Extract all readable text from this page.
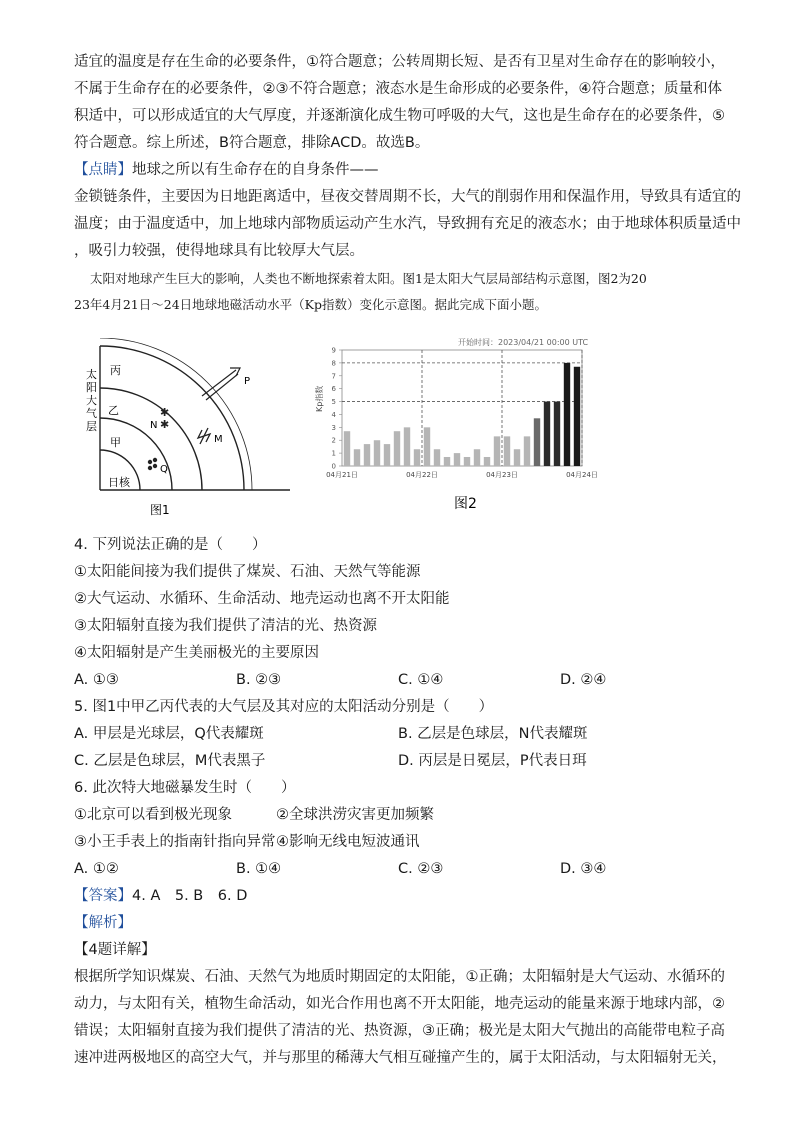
适宜的温度是存在生命的必要条件，①符合题意；公转周期长短、是否有卫星对生命存在的影响较小，
不属于生命存在的必要条件，②③不符合题意；液态水是生命形成的必要条件，④符合题意；质量和体
积适中，可以形成适宜的大气厚度，并逐渐演化成生物可呼吸的大气，这也是生命存在的必要条件，⑤
符合题意。综上所述，B符合题意，排除ACD。故选B。
【点睛】地球之所以有生命存在的自身条件——
金锁链条件，主要因为日地距离适中，昼夜交替周期不长，大气的削弱作用和保温作用，导致具有适宜的
温度；由于温度适中，加上地球内部物质运动产生水汽，导致拥有充足的液态水；由于地球体积质量适中
，吸引力较强，使得地球具有比较厚大气层。
太阳对地球产生巨大的影响，人类也不断地探索着太阳。图1是太阳大气层局部结构示意图，图2为20
23年4月21日～24日地球地磁活动水平（Kp指数）变化示意图。据此完成下面小题。
太
阳
大
气
层
丙
乙
甲
日核
P
✱
✱
N
M
Q
图1
开始时间：2023/04/21 00:00 UTC
Kp指数
0
1
2
3
4
5
6
7
8
9
04月21日	04月22日	04月23日	04月24日
图2
4. 下列说法正确的是（　　）
①太阳能间接为我们提供了煤炭、石油、天然气等能源
②大气运动、水循环、生命活动、地壳运动也离不开太阳能
③太阳辐射直接为我们提供了清洁的光、热资源
④太阳辐射是产生美丽极光的主要原因
A. ①③	B. ②③	C. ①④	D. ②④
5. 图1中甲乙丙代表的大气层及其对应的太阳活动分别是（　　）
A. 甲层是光球层，Q代表耀斑	B. 乙层是色球层，N代表耀斑
C. 乙层是色球层，M代表黑子	D. 丙层是日冕层，P代表日珥
6. 此次特大地磁暴发生时（　　）
①北京可以看到极光现象	②全球洪涝灾害更加频繁
③小王手表上的指南针指向异常 ④影响无线电短波通讯
A. ①②	B. ①④	C. ②③	D. ③④
【答案】4. A　5. B　6. D
【解析】
【4题详解】
根据所学知识煤炭、石油、天然气为地质时期固定的太阳能，①正确；太阳辐射是大气运动、水循环的
动力，与太阳有关，植物生命活动，如光合作用也离不开太阳能，地壳运动的能量来源于地球内部，②
错误；太阳辐射直接为我们提供了清洁的光、热资源，③正确；极光是太阳大气抛出的高能带电粒子高
速冲进两极地区的高空大气，并与那里的稀薄大气相互碰撞产生的，属于太阳活动，与太阳辐射无关，
